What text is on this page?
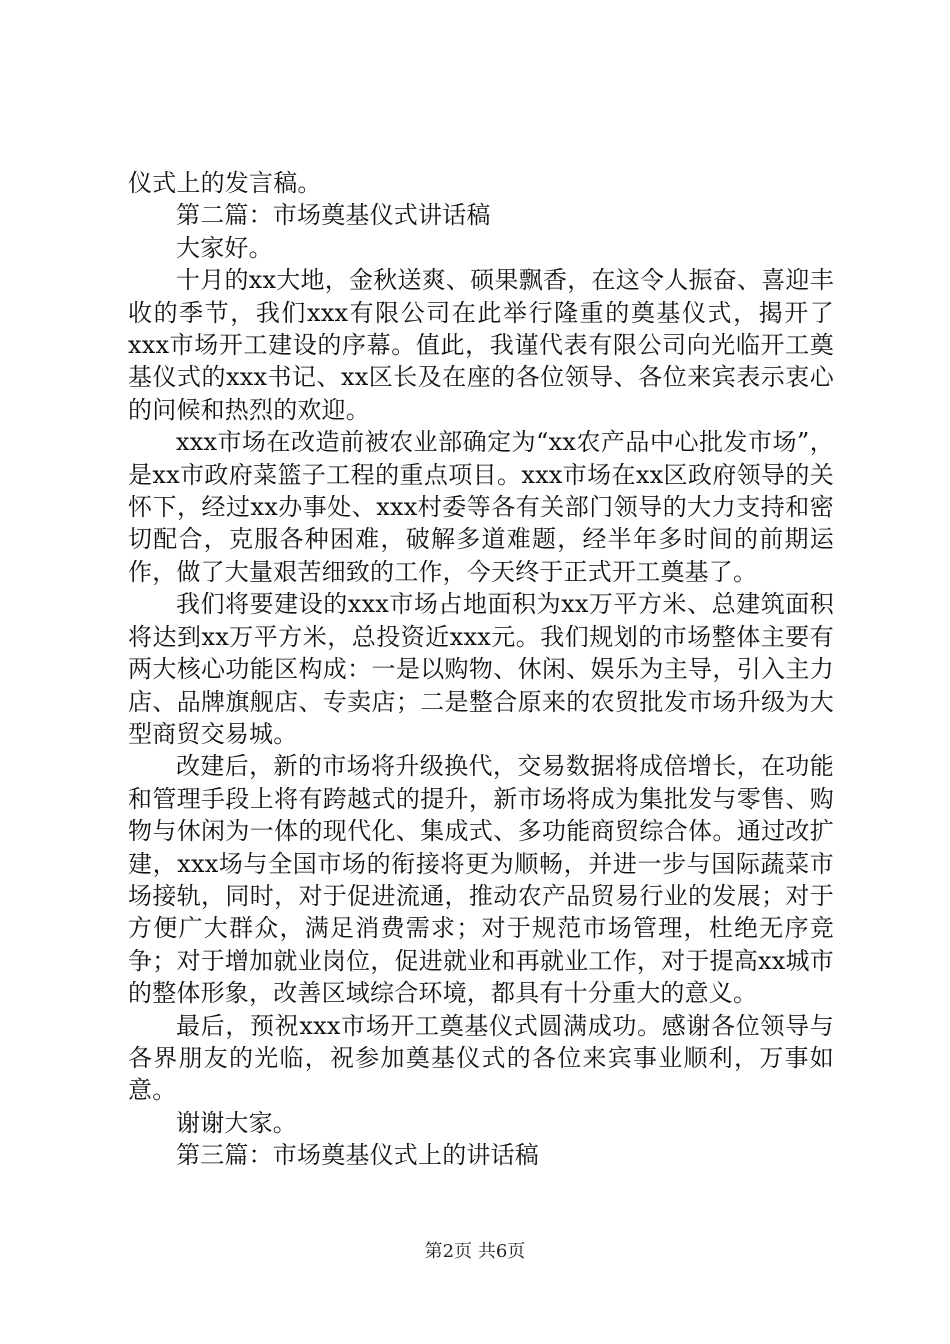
仪式上的发言稿。

第二篇：市场奠基仪式讲话稿

大家好。

十月的xx大地，金秋送爽、硕果飘香，在这令人振奋、喜迎丰收的季节，我们xxx有限公司在此举行隆重的奠基仪式，揭开了xxx市场开工建设的序幕。值此，我谨代表有限公司向光临开工奠基仪式的xxx书记、xx区长及在座的各位领导、各位来宾表示衷心的问候和热烈的欢迎。

xxx市场在改造前被农业部确定为“xx农产品中心批发市场”，是xx市政府菜篮子工程的重点项目。xxx市场在xx区政府领导的关怀下，经过xx办事处、xxx村委等各有关部门领导的大力支持和密切配合，克服各种困难，破解多道难题，经半年多时间的前期运作，做了大量艰苦细致的工作，今天终于正式开工奠基了。

我们将要建设的xxx市场占地面积为xx万平方米、总建筑面积将达到xx万平方米，总投资近xxx元。我们规划的市场整体主要有两大核心功能区构成：一是以购物、休闲、娱乐为主导，引入主力店、品牌旗舰店、专卖店；二是整合原来的农贸批发市场升级为大型商贸交易城。

改建后，新的市场将升级换代，交易数据将成倍增长，在功能和管理手段上将有跨越式的提升，新市场将成为集批发与零售、购物与休闲为一体的现代化、集成式、多功能商贸综合体。通过改扩建，xxx场与全国市场的衔接将更为顺畅，并进一步与国际蔬菜市场接轨，同时，对于促进流通，推动农产品贸易行业的发展；对于方便广大群众，满足消费需求；对于规范市场管理，杜绝无序竞争；对于增加就业岗位，促进就业和再就业工作，对于提高xx城市的整体形象，改善区域综合环境，都具有十分重大的意义。

最后，预祝xxx市场开工奠基仪式圆满成功。感谢各位领导与各界朋友的光临，祝参加奠基仪式的各位来宾事业顺利，万事如意。

谢谢大家。

第三篇：市场奠基仪式上的讲话稿

第2页 共6页
